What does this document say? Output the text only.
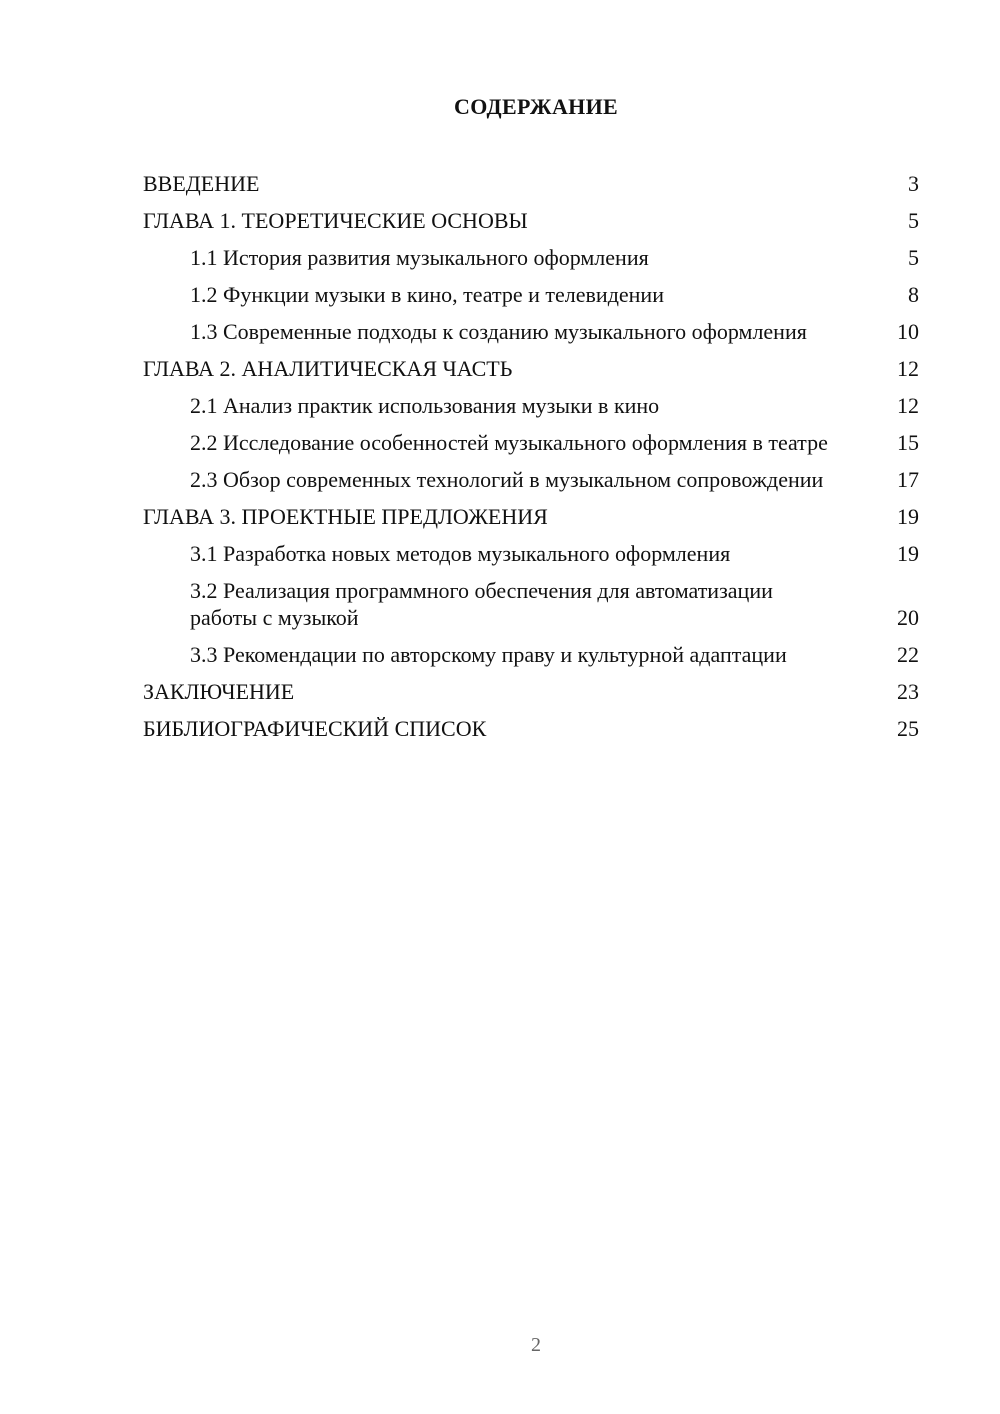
СОДЕРЖАНИЕ
ВВЕДЕНИЕ	3
ГЛАВА 1. ТЕОРЕТИЧЕСКИЕ ОСНОВЫ	5
1.1 История развития музыкального оформления	5
1.2 Функции музыки в кино, театре и телевидении	8
1.3 Современные подходы к созданию музыкального оформления	10
ГЛАВА 2. АНАЛИТИЧЕСКАЯ ЧАСТЬ	12
2.1 Анализ практик использования музыки в кино	12
2.2 Исследование особенностей музыкального оформления в театре	15
2.3 Обзор современных технологий в музыкальном сопровождении	17
ГЛАВА 3. ПРОЕКТНЫЕ ПРЕДЛОЖЕНИЯ	19
3.1 Разработка новых методов музыкального оформления	19
3.2 Реализация программного обеспечения для автоматизации работы с музыкой	20
3.3 Рекомендации по авторскому праву и культурной адаптации	22
ЗАКЛЮЧЕНИЕ	23
БИБЛИОГРАФИЧЕСКИЙ СПИСОК	25
2
